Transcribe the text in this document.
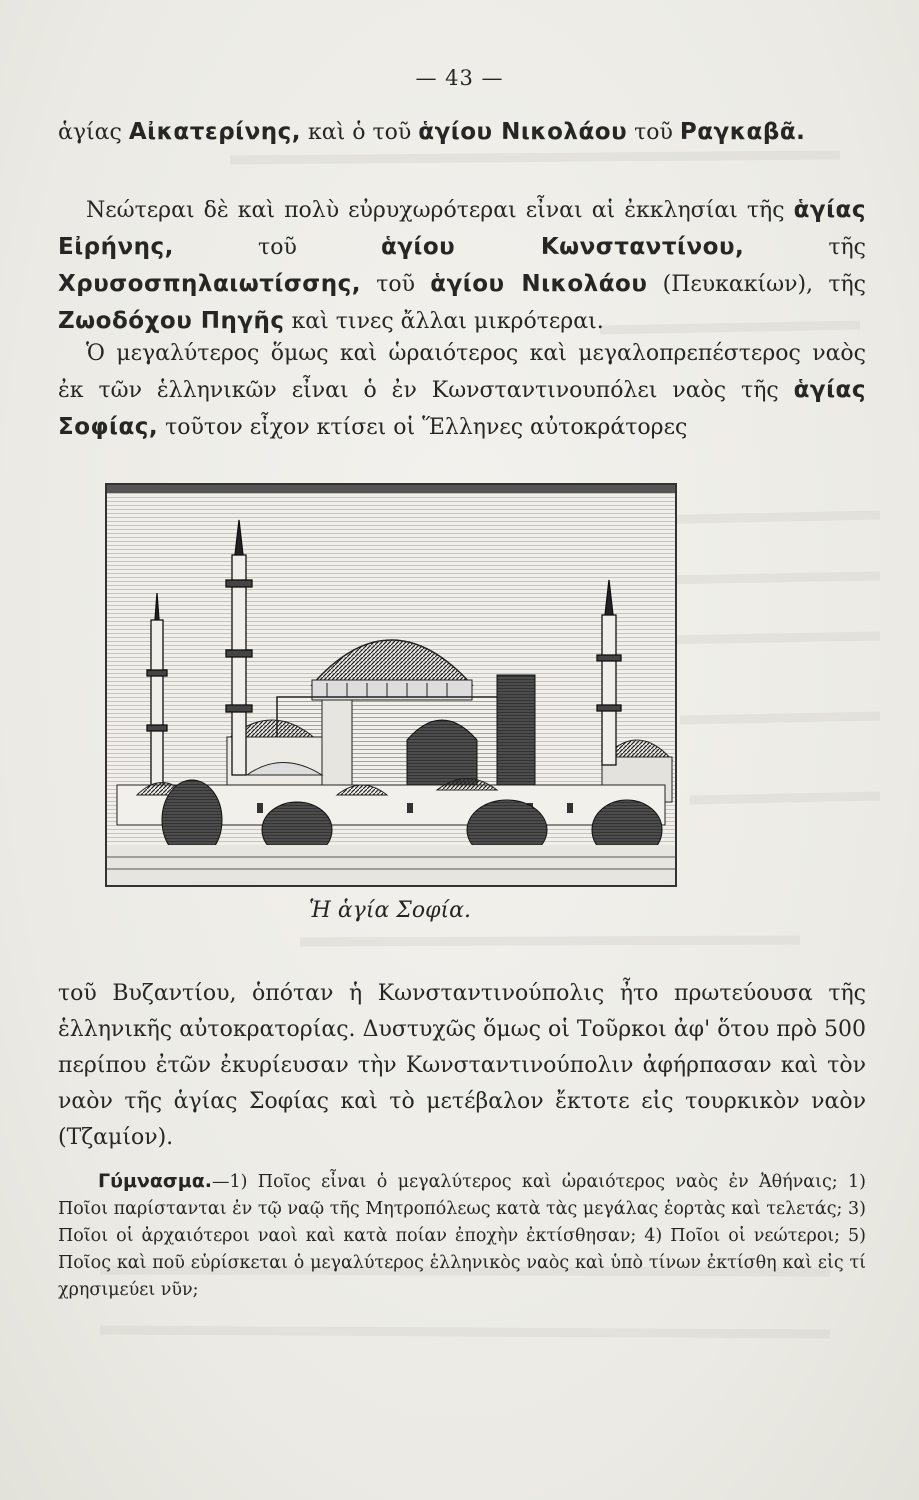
— 43 —

ἁγίας Αἰκατερίνης, καὶ ὁ τοῦ ἁγίου Νικολάου τοῦ Ραγκαβᾶ.

Νεώτεραι δὲ καὶ πολὺ εὐρυχωρότεραι εἶναι αἱ ἐκκλησίαι τῆς ἁγίας Εἰρήνης, τοῦ ἁγίου Κωνσταντίνου, τῆς Χρυσοσπηλαιωτίσσης, τοῦ ἁγίου Νικολάου (Πευκακίων), τῆς Ζωοδόχου Πηγῆς καὶ τινες ἄλλαι μικρότεραι.

Ὁ μεγαλύτερος ὅμως καὶ ὡραιότερος καὶ μεγαλοπρεπέστερος ναὸς ἐκ τῶν ἑλληνικῶν εἶναι ὁ ἐν Κωνσταντινουπόλει ναὸς τῆς ἁγίας Σοφίας, τοῦτον εἶχον κτίσει οἱ Ἕλληνες αὐτοκράτορες

Ἡ ἁγία Σοφία.

τοῦ Βυζαντίου, ὁπόταν ἡ Κωνσταντινούπολις ἦτο πρωτεύουσα τῆς ἑλληνικῆς αὐτοκρατορίας. Δυστυχῶς ὅμως οἱ Τοῦρκοι ἀφ' ὅτου πρὸ 500 περίπου ἐτῶν ἐκυρίευσαν τὴν Κωνσταντινούπολιν ἀφήρπασαν καὶ τὸν ναὸν τῆς ἁγίας Σοφίας καὶ τὸ μετέβαλον ἔκτοτε εἰς τουρκικὸν ναὸν (Τζαμίον).

Γύμνασμα.—1) Ποῖος εἶναι ὁ μεγαλύτερος καὶ ὡραιότερος ναὸς ἐν Ἀθήναις; 1) Ποῖοι παρίστανται ἐν τῷ ναῷ τῆς Μητροπόλεως κατὰ τὰς μεγάλας ἑορτὰς καὶ τελετάς; 3) Ποῖοι οἱ ἀρχαιότεροι ναοὶ καὶ κατὰ ποίαν ἐποχὴν ἐκτίσθησαν; 4) Ποῖοι οἱ νεώτεροι; 5) Ποῖος καὶ ποῦ εὑρίσκεται ὁ μεγαλύτερος ἑλληνικὸς ναὸς καὶ ὑπὸ τίνων ἐκτίσθη καὶ εἰς τί χρησιμεύει νῦν;
